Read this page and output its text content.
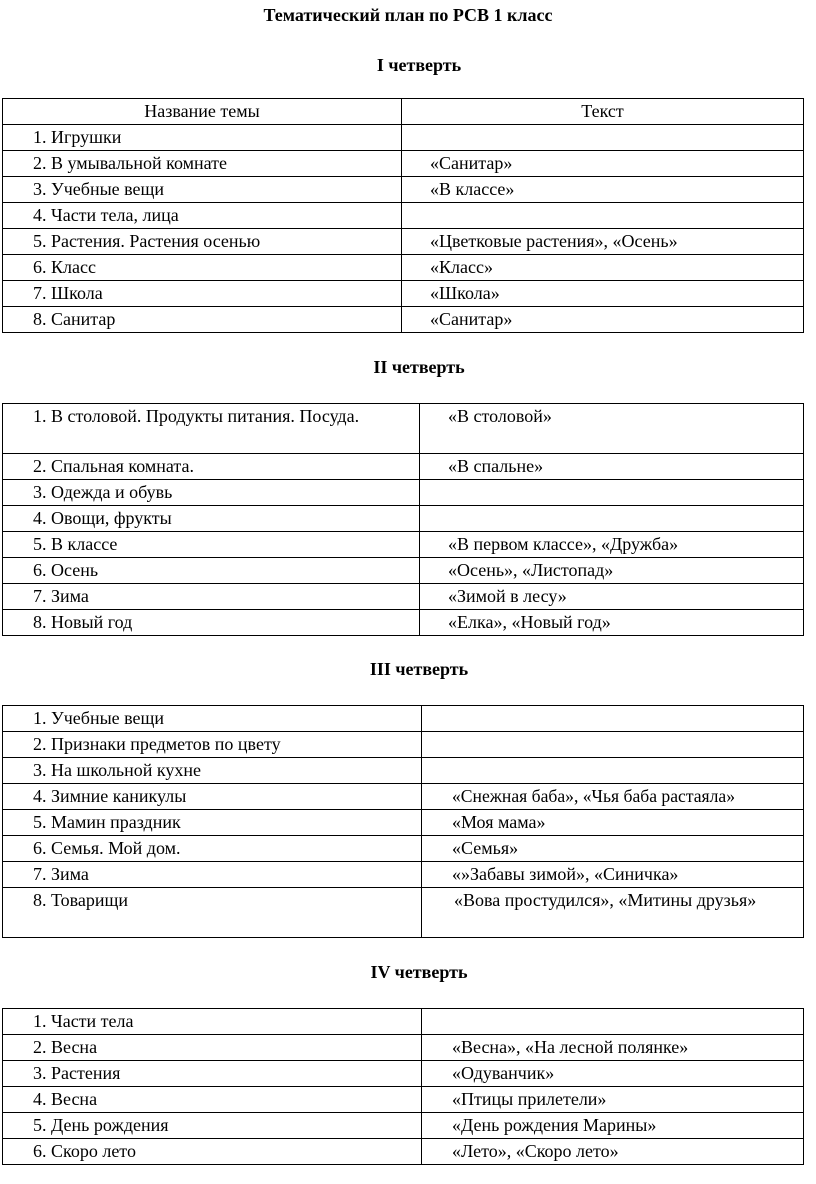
Тематический план по РСВ 1 класс
I четверть
Название темы	Текст
1. Игрушки	
2. В умывальной комнате	«Санитар»
3. Учебные вещи	«В классе»
4. Части тела, лица	
5. Растения. Растения осенью	«Цветковые растения», «Осень»
6. Класс	«Класс»
7. Школа	«Школа»
8. Санитар	«Санитар»
II четверть
1. В столовой. Продукты питания. Посуда.	«В столовой»
2. Спальная комната.	«В спальне»
3. Одежда и обувь	
4. Овощи, фрукты	
5. В классе	«В первом классе», «Дружба»
6. Осень	«Осень», «Листопад»
7. Зима	«Зимой в лесу»
8. Новый год	«Елка», «Новый год»
III четверть
1. Учебные вещи	
2. Признаки предметов по цвету	
3. На школьной кухне	
4. Зимние каникулы	«Снежная баба», «Чья баба растаяла»
5. Мамин праздник	«Моя мама»
6. Семья. Мой дом.	«Семья»
7. Зима	«»Забавы зимой», «Синичка»
8. Товарищи	«Вова простудился», «Митины друзья»
IV четверть
1. Части тела	
2. Весна	«Весна», «На лесной полянке»
3. Растения	«Одуванчик»
4. Весна	«Птицы прилетели»
5. День рождения	«День рождения Марины»
6. Скоро лето	«Лето», «Скоро лето»
